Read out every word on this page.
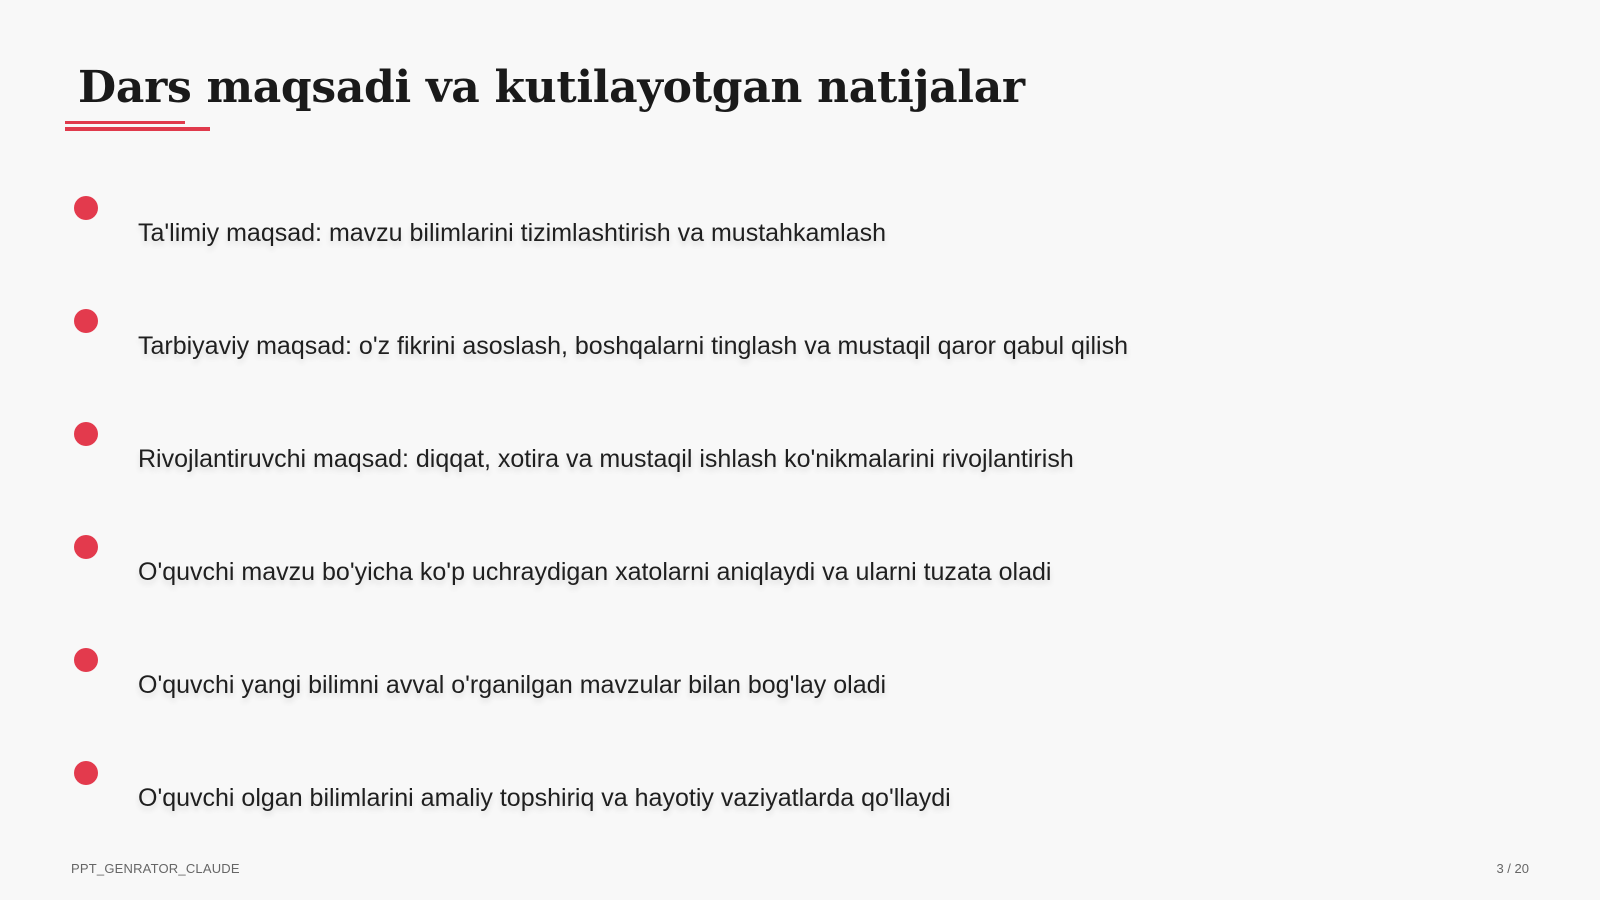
Dars maqsadi va kutilayotgan natijalar
Ta'limiy maqsad: mavzu bilimlarini tizimlashtirish va mustahkamlash
Tarbiyaviy maqsad: o'z fikrini asoslash, boshqalarni tinglash va mustaqil qaror qabul qilish
Rivojlantiruvchi maqsad: diqqat, xotira va mustaqil ishlash ko'nikmalarini rivojlantirish
O'quvchi mavzu bo'yicha ko'p uchraydigan xatolarni aniqlaydi va ularni tuzata oladi
O'quvchi yangi bilimni avval o'rganilgan mavzular bilan bog'lay oladi
O'quvchi olgan bilimlarini amaliy topshiriq va hayotiy vaziyatlarda qo'llaydi
PPT_GENRATOR_CLAUDE	3 / 20
